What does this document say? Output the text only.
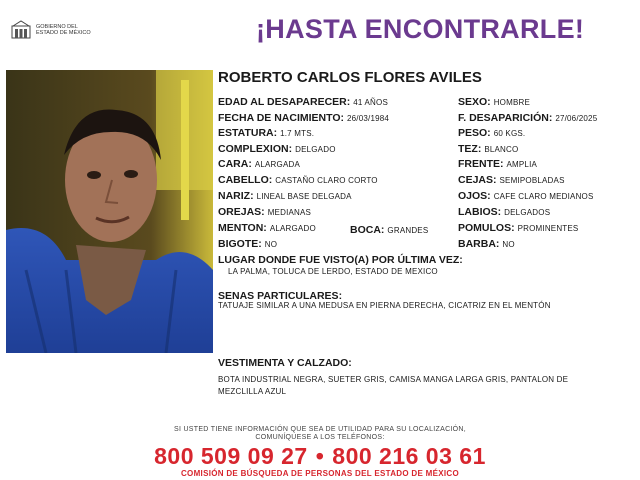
GOBIERNO DEL
ESTADO DE MÉXICO	¡HASTA ENCONTRARLE!
ROBERTO CARLOS FLORES AVILES
EDAD AL DESAPARECER: 41 AÑOS
FECHA DE NACIMIENTO: 26/03/1984
ESTATURA: 1.7 MTS.
COMPLEXION: DELGADO
CARA: ALARGADA
CABELLO: CASTAÑO CLARO CORTO
NARIZ: LINEAL BASE DELGADA
OREJAS: MEDIANAS
MENTON: ALARGADO	BOCA: GRANDES
BIGOTE: NO
SEXO: HOMBRE
F. DESAPARICIÓN: 27/06/2025
PESO: 60 KGS.
TEZ: BLANCO
FRENTE: AMPLIA
CEJAS: SEMIPOBLADAS
OJOS: CAFE CLARO MEDIANOS
LABIOS: DELGADOS
POMULOS: PROMINENTES
BARBA: NO
LUGAR DONDE FUE VISTO(A) POR ÚLTIMA VEZ:
LA PALMA, TOLUCA DE LERDO, ESTADO DE MEXICO
SENAS PARTICULARES:
TATUAJE SIMILAR A UNA MEDUSA EN PIERNA DERECHA, CICATRIZ EN EL MENTÓN
VESTIMENTA Y CALZADO:
BOTA INDUSTRIAL NEGRA, SUETER GRIS, CAMISA MANGA LARGA GRIS, PANTALON DE
MEZCLILLA AZUL
SI USTED TIENE INFORMACIÓN QUE SEA DE UTILIDAD PARA SU LOCALIZACIÓN,
COMUNÍQUESE A LOS TELÉFONOS:
800 509 09 27 • 800 216 03 61
COMISIÓN DE BÚSQUEDA DE PERSONAS DEL ESTADO DE MÉXICO
